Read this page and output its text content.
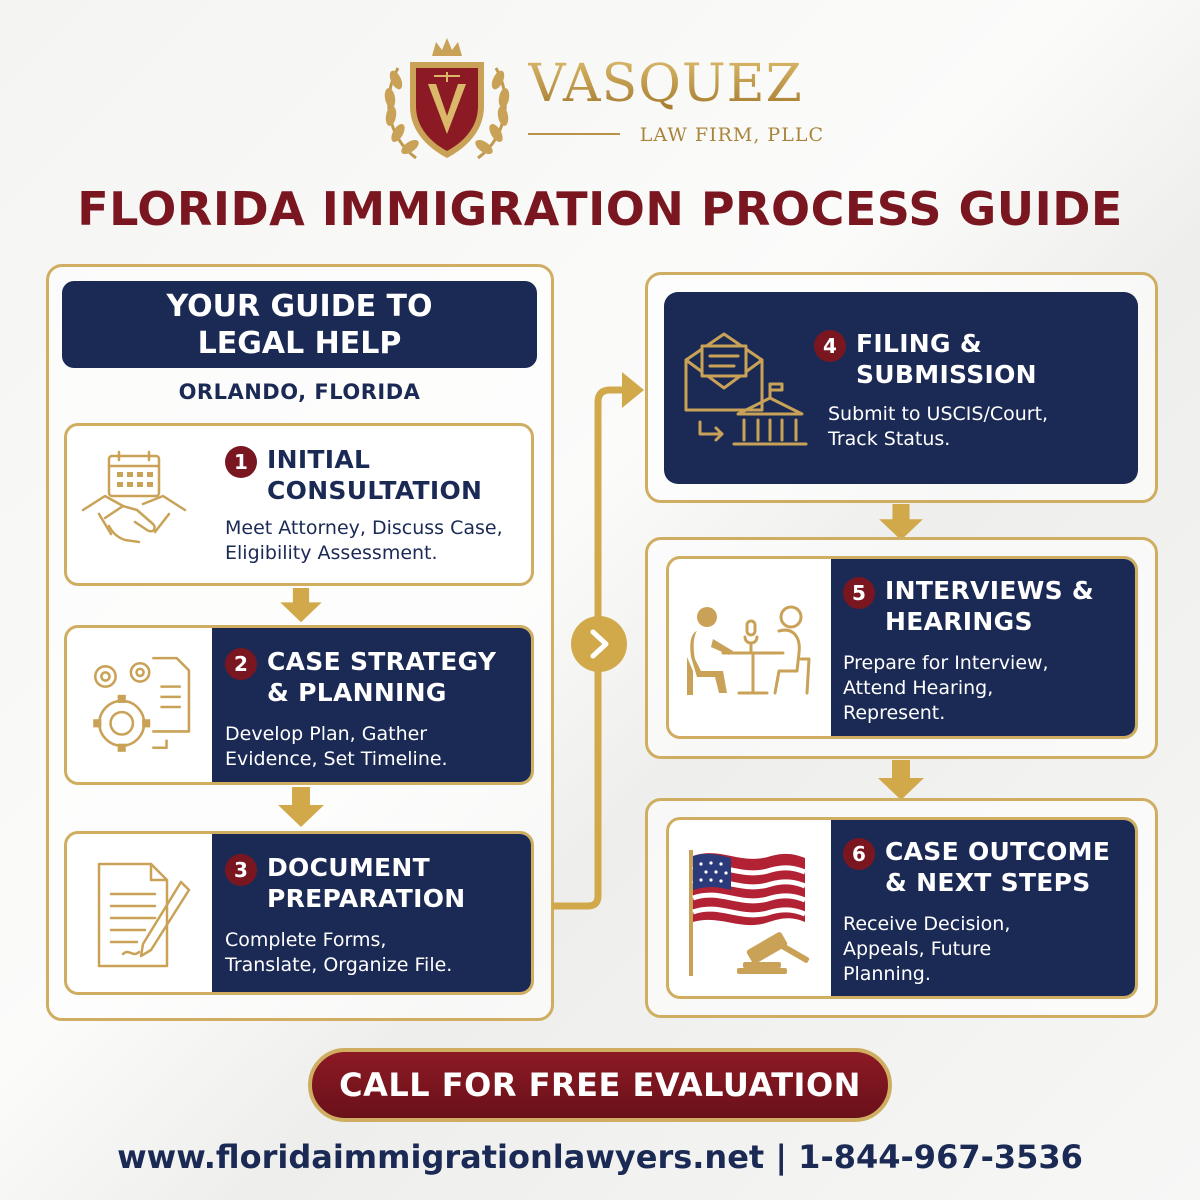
VASQUEZ
LAW FIRM, PLLC
FLORIDA IMMIGRATION PROCESS GUIDE
YOUR GUIDE TO
LEGAL HELP
ORLANDO, FLORIDA
1 INITIAL
CONSULTATION
Meet Attorney, Discuss Case,
Eligibility Assessment.
2 CASE STRATEGY
& PLANNING
Develop Plan, Gather
Evidence, Set Timeline.
3 DOCUMENT
PREPARATION
Complete Forms,
Translate, Organize File.
4 FILING &
SUBMISSION
Submit to USCIS/Court,
Track Status.
5 INTERVIEWS &
HEARINGS
Prepare for Interview,
Attend Hearing,
Represent.
6 CASE OUTCOME
& NEXT STEPS
Receive Decision,
Appeals, Future
Planning.
CALL FOR FREE EVALUATION
www.floridaimmigrationlawyers.net | 1-844-967-3536
